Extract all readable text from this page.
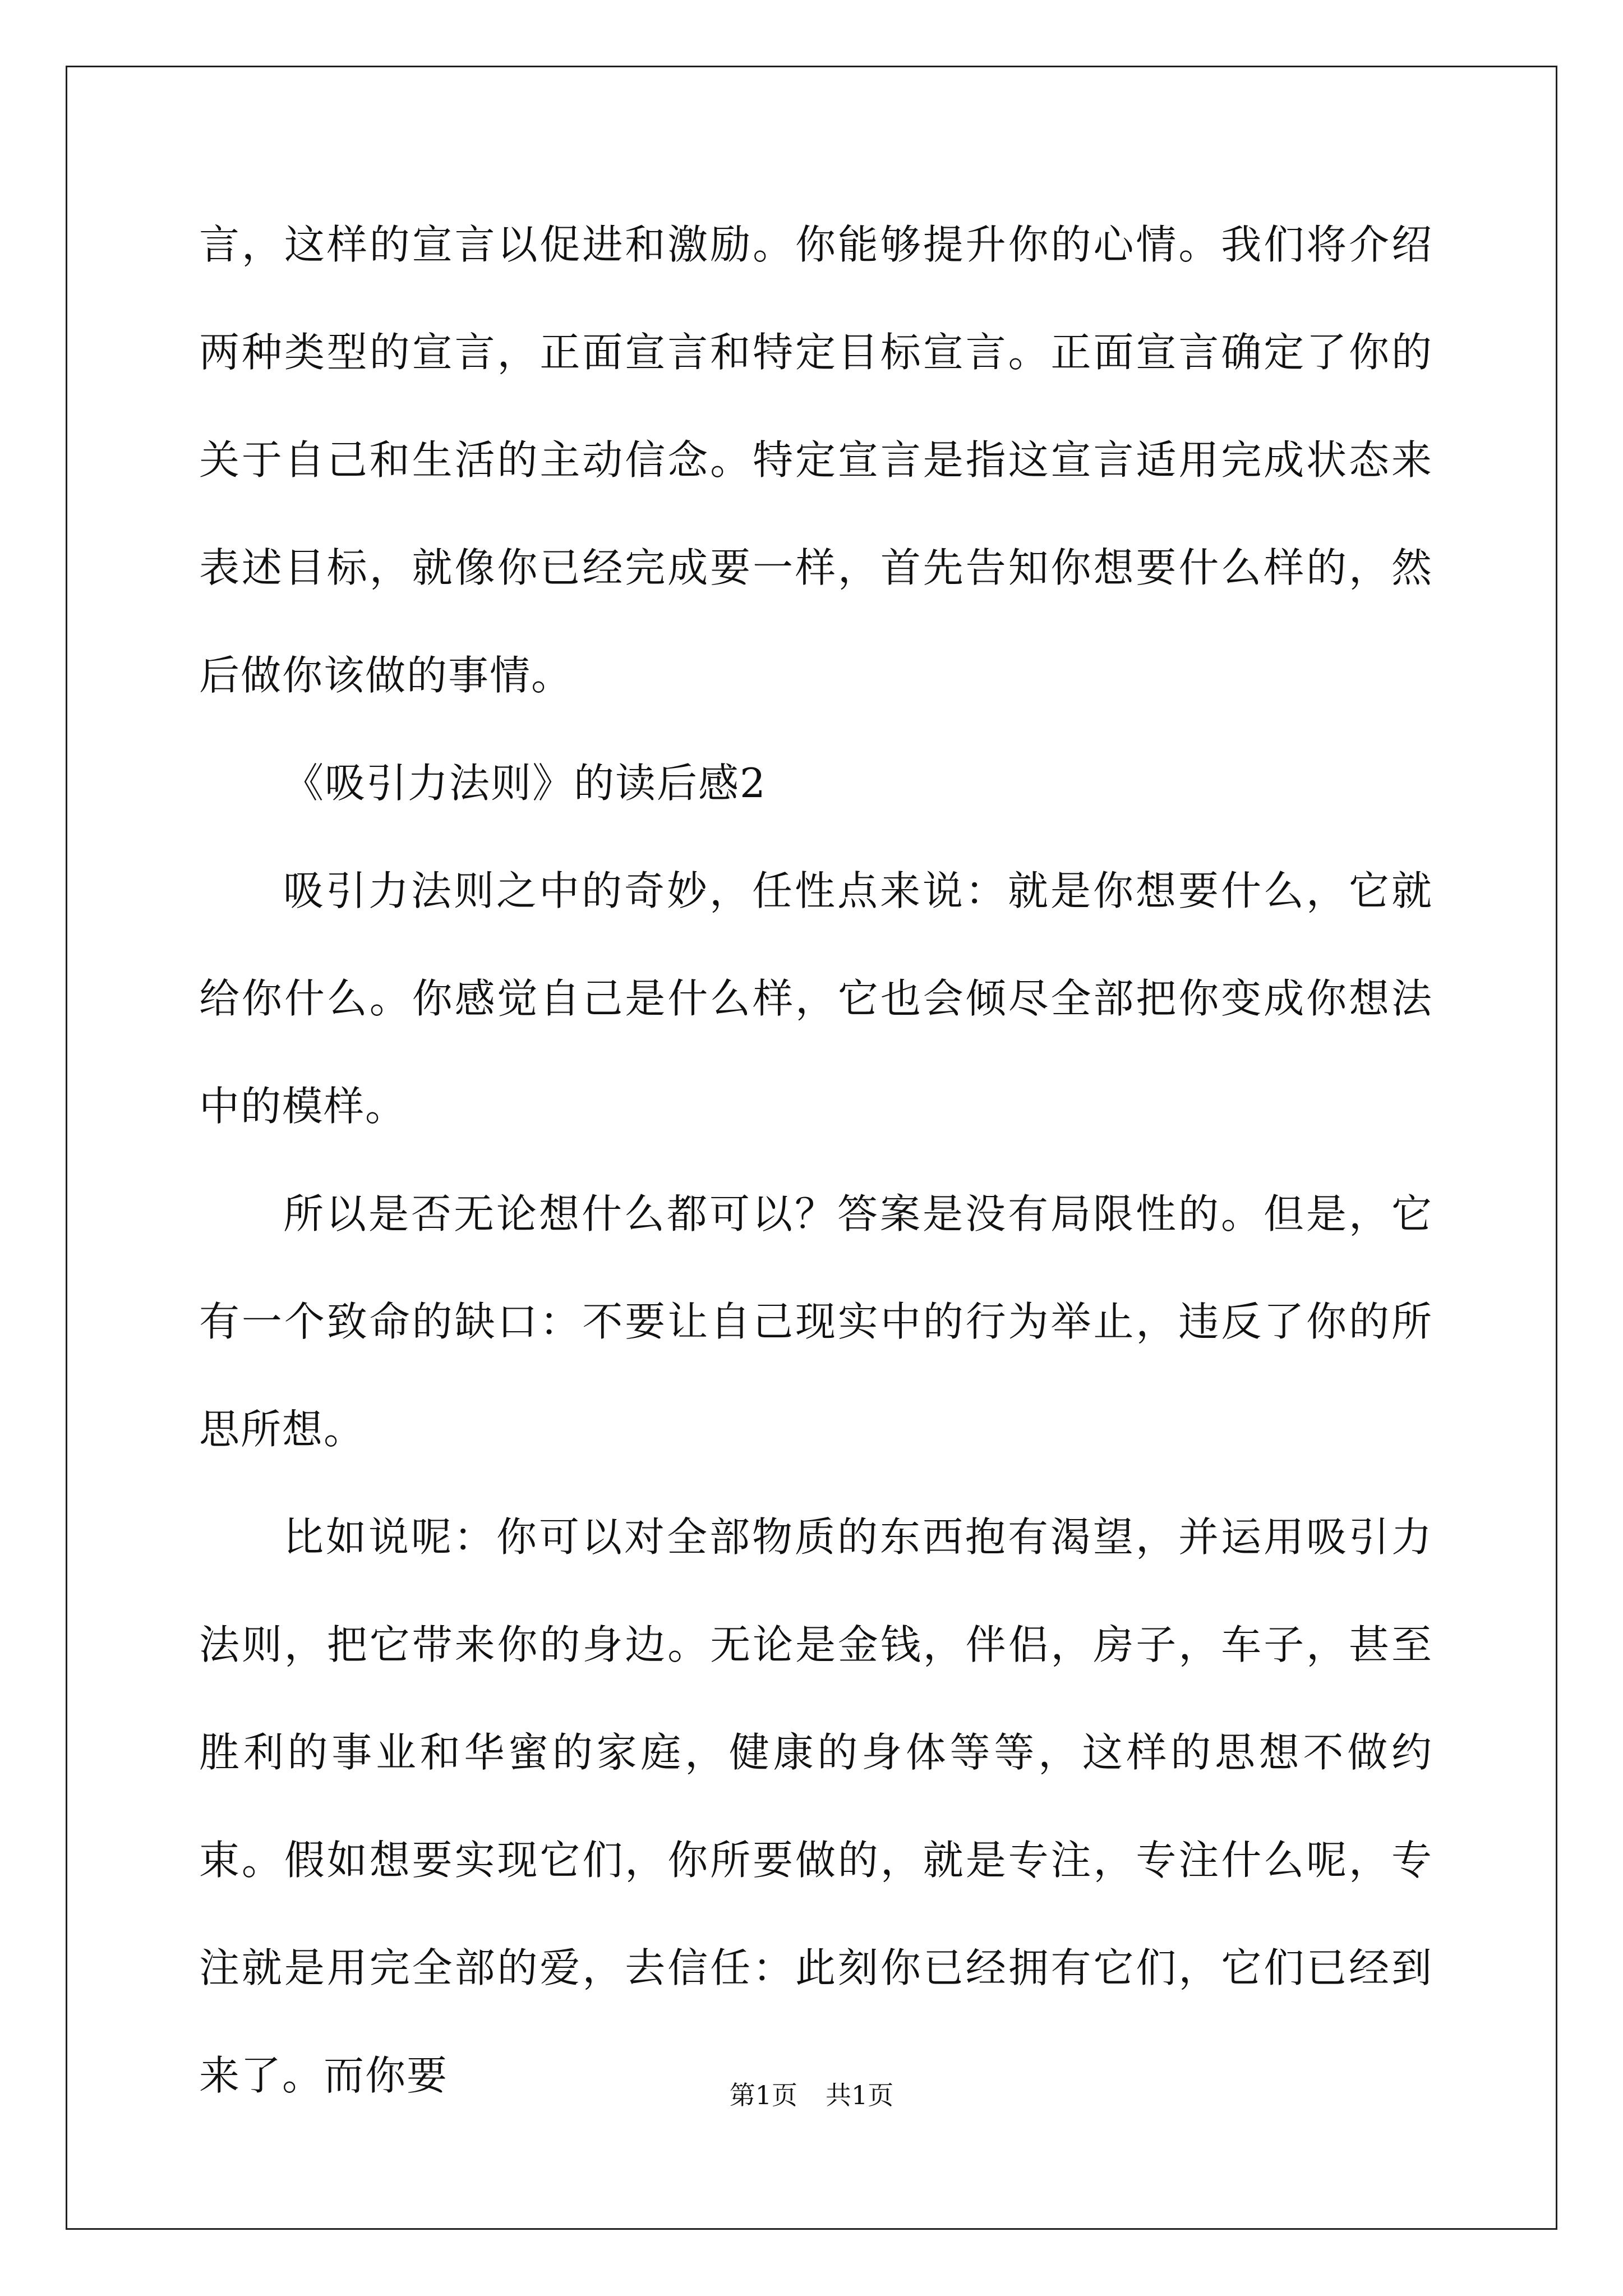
言，这样的宣言以促进和激励。你能够提升你的心情。我们将介绍两种类型的宣言，正面宣言和特定目标宣言。正面宣言确定了你的关于自己和生活的主动信念。特定宣言是指这宣言适用完成状态来表述目标，就像你已经完成要一样，首先告知你想要什么样的，然后做你该做的事情。

《吸引力法则》的读后感2

吸引力法则之中的奇妙，任性点来说：就是你想要什么，它就给你什么。你感觉自己是什么样，它也会倾尽全部把你变成你想法中的模样。

所以是否无论想什么都可以？答案是没有局限性的。但是，它有一个致命的缺口：不要让自己现实中的行为举止，违反了你的所思所想。

比如说呢：你可以对全部物质的东西抱有渴望，并运用吸引力法则，把它带来你的身边。无论是金钱，伴侣，房子，车子，甚至胜利的事业和华蜜的家庭，健康的身体等等，这样的思想不做约束。假如想要实现它们，你所要做的，就是专注，专注什么呢，专注就是用完全部的爱，去信任：此刻你已经拥有它们，它们已经到来了。而你要	第1页 共1页
